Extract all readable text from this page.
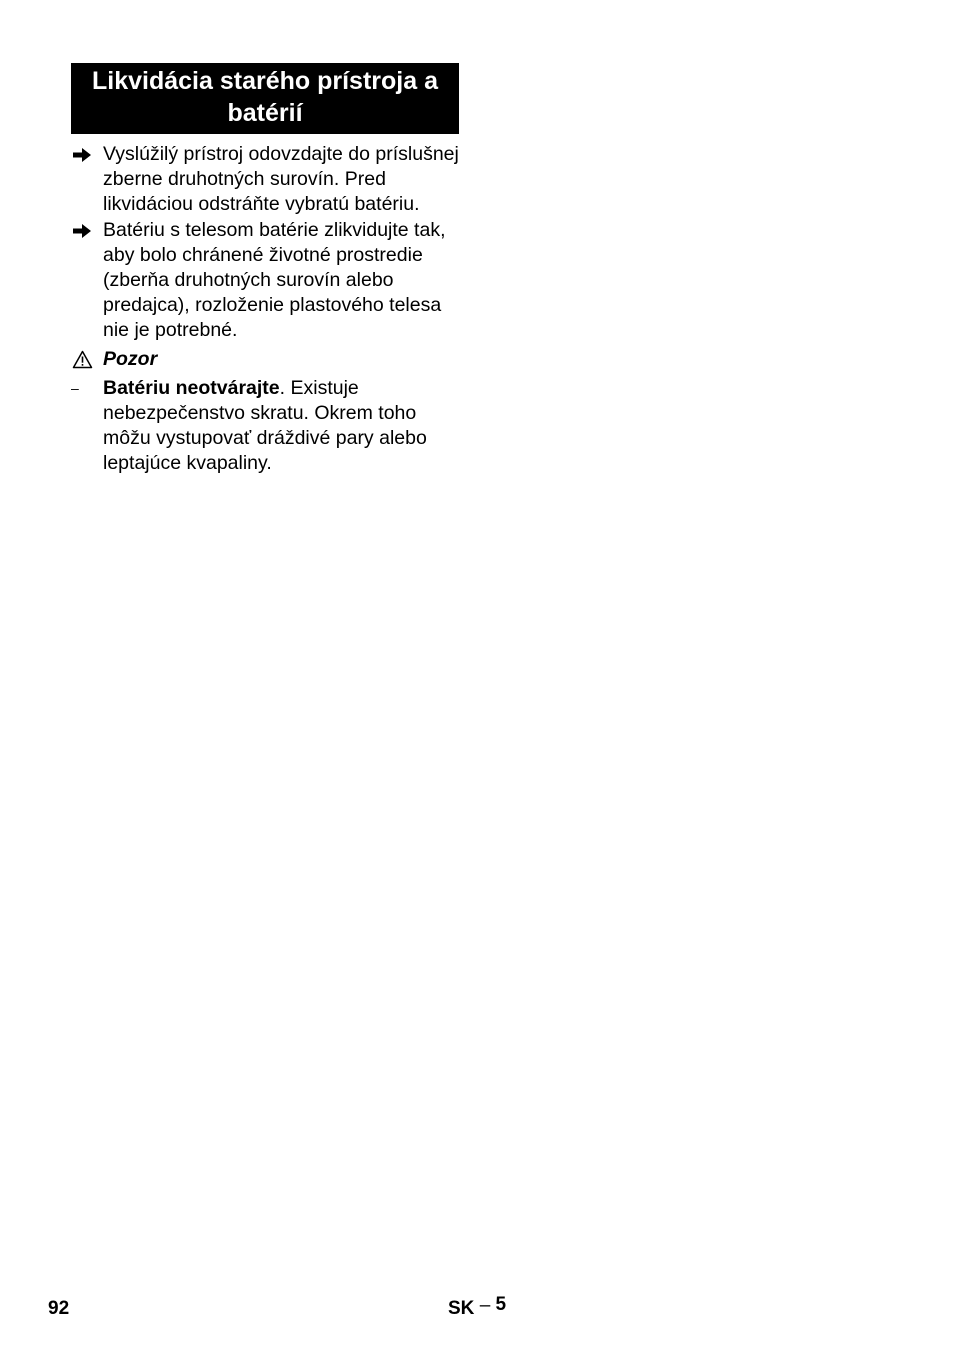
Likvidácia starého prístroja a
batérií
Vyslúžilý prístroj odovzdajte do príslušnej zberne druhotných surovín. Pred likvidáciou odstráňte vybratú batériu.
Batériu s telesom batérie zlikvidujte tak, aby bolo chránené životné prostredie (zberňa druhotných surovín alebo predajca), rozloženie plastového telesa nie je potrebné.
Pozor
–	Batériu neotvárajte. Existuje nebezpečenstvo skratu. Okrem toho môžu vystupovať dráždivé pary alebo leptajúce kvapaliny.
92	SK – 5
